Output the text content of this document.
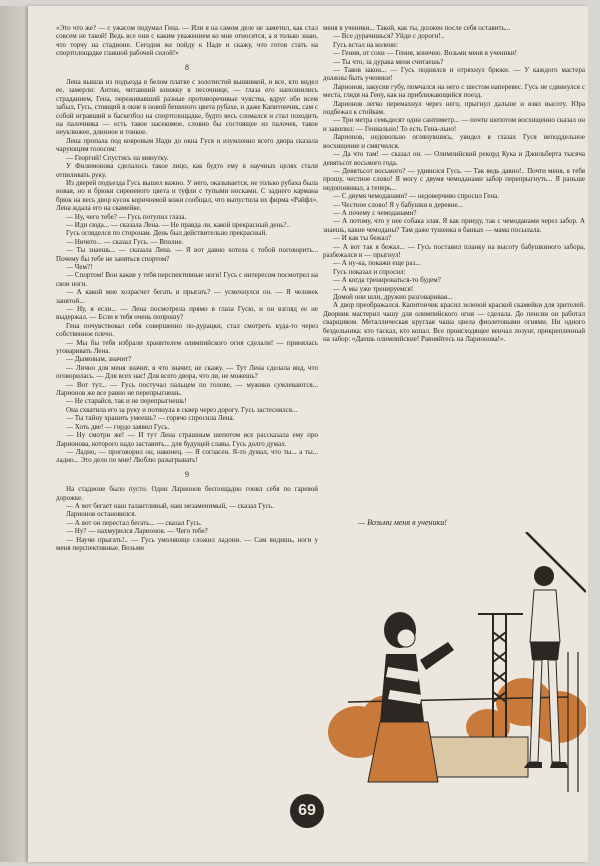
«Это что же? — с ужасом подумал Гена. — Или я на самом деле не заметил, как стал совсем не такой! Ведь все они с каким уважением ко мне относятся, а я только знаю, что торчу на стадионе. Сегодня же пойду к Наде и скажу, что готов стать на спортплощадке главной рабочей силой!»

8

Лена вышла из подъезда в белом платке с золотистой вышивкой, и все, кто видел ее, замерли: Антон, читавший книжку в песочнице, — глаза его наполнились страданием, Гена, переживавший разные противоречивые чувства, вдруг обо всем забыл, Гусь, стоящий в окне в новой бешеного цвета рубахе, и даже Капитончик, сам с собой игравший в баскетбол на спортплощадке, будто весь сломался и стал походить на палочника — есть такое насекомое, словно бы состоящее из палочек, такое неуклюжее, длинное и тонкое.

Лена пропала под ковровым Нади до окна Гуся и изумленно всего двора сказала чарующим голосом:

— Георгий! Спустись на минутку.

У Филимонова сделалось такое лицо, как будто ему в научных целях стали отпиливать руку.

Из дверей подъезда Гусь вышел важно. У него, оказывается, не только рубаха была новая, но и брюки сиреневого цвета и туфли с тупыми носками. С заднего кармана брюк на весь двор кусок коричневой кожи сообщал, что выпустила их фирма «Райфл». Лена ждала его на скамейке.

— Ну, чего тебе? — Гусь потупил глаза.

— Иди сюда... — сказала Лена. — Не правда ли, какой прекрасный день?..

Гусь огляделся по сторонам. День был действительно прекрасный.

— Ничего... — сказал Гусь. — Вполне.

— Ты знаешь... — сказала Лена. — Я вот давно хотела с тобой поговорить... Почему бы тебе не заняться спортом?

— Чем?!

— Спортом! Вон какие у тебя перспективные ноги! Гусь с интересом посмотрел на свои ноги.

— А какой мне хозрасчет бегать и прыгать? — усмехнулся он. — Я человек занятой...

— Ну, я если... — Лена посмотрела прямо в глаза Гусю, и он взгляд ее не выдержал. — Если я тебя очень попрошу?

Гена почувствовал себя совершенно по-дурацки, стал смотреть куда-то через собственное плечо.

— Мы бы тебя избрали хранителем олимпийского огня сделали! — принялась уговаривать Лена.

— Дымовым, значит?

— Лично для меня значит, я что значит, не скажу. — Тут Лена сделала вид, что оговорилась. — Для всех нас! Для всего двора, что ли, не можешь?

— Вот тут... — Гусь постучал пальцем по голове, — мужики сумлеваются... Ларионов же все равно не перепрыгнешь.

— Не старайся, так и не перепрыгнешь!

Она схватила его за руку и потянула в сквер через дорогу. Гусь застеснялся...

— Ты тайну хранить умеешь? — горячо спросила Лена.

— Хоть две! — гордо заявил Гусь.

— Ну смотри же! — И тут Лена страшным шепотом все рассказала ему про Ларионова, которого надо заставить... для будущей славы. Гусь долго думал.

— Ладно, — проговорил он, наконец. — Я согласен. Я-то думал, что ты... а ты... ладно... Это дело по мне! Люблю разыгрывать!

9

На стадионе было пусто. Один Ларионов беспощадно гонял себя по гаревой дорожке.

— А вот бегает наш талантливый, наш незаменимый, — сказал Гусь.

Ларионов остановился.

— А вот он перестал бегать... — сказал Гусь.

— Ну? — нахмурился Ларионов. — Чего тебе?

— Научи прыгать!.. — Гусь умоляюще сложил ладони. — Сам видишь, ноги у меня перспективные. Возьми

меня в ученики... Такой, как ты, должен после себя оставить...

— Все дурачишься? Уйди с дороги!..

Гусь встал на колени:

— Гения, от сохи — Гения, конечно. Возьми меня в ученики!

— Ты что, за дурака меня считаешь?

— Таков закон... — Гусь поднялся и отряхнул брюки. — У каждого мастера должны быть ученики!

Ларионов, закусив губу, помчался на него с шестом наперевес. Гусь не сдвинулся с места, глядя на Гену, как на приближающийся поезд.

Ларионов легко перемахнул через него, прыгнул дальше и взял высоту. Юра подбежал к стойкам.

— Три метра семьдесят один сантиметр... — почти шепотом восхищенно сказал он и завопил: — Гениально! То есть Гена-льно!

Ларионов, недовольно оглянувшись, увидел в глазах Гуся неподдельное восхищение и смягчился.

— Да что там! — сказал он. — Олимпийский рекорд Кука и Джильберта тысяча девятьсот восьмого года.

— Девятьсот восьмого? — удивился Гусь. — Так ведь давно!.. Почти меня, я тебя прошу, честное слово! Я могу с двумя чемоданами забор перепрыгнуть... Я раньше недопонимал, а теперь...

— С двумя чемоданами? — недоверчиво спросил Гена.

— Честное слово! Я у бабушки в деревне...

— А почему с чемоданами?

— А потому, что у нее собака злая. Я как приеду, так с чемоданами через забор. А знаешь, какие чемоданы? Там даже тушенка в банках — мама посылала.

— И как ты бежал?

— А вот так я бежал... — Гусь поставил планку на высоту бабушкиного забора, разбежался и — прыгнул!

— А ну-ка, покажи еще раз...

Гусь показал и спросил:

— А когда тренироваться-то будем?

— А мы уже тренируемся!

Домой они шли, дружно разговаривая...

А двор преображался. Капитончик красил зеленой краской скамейки для зрителей. Дворник мастерил чашу для олимпийского огня — сделала. До пенсии он работал сварщиком. Металлическая круглая чаша цвела фиолетовыми огнями. Ни одного бездельника: кто таскал, кто копал. Все происходящее венчал лозунг, прикрепленный на забор: «Даешь олимпийские! Равняйтесь на Ларионова!».

— Возьми меня в ученики!
69
